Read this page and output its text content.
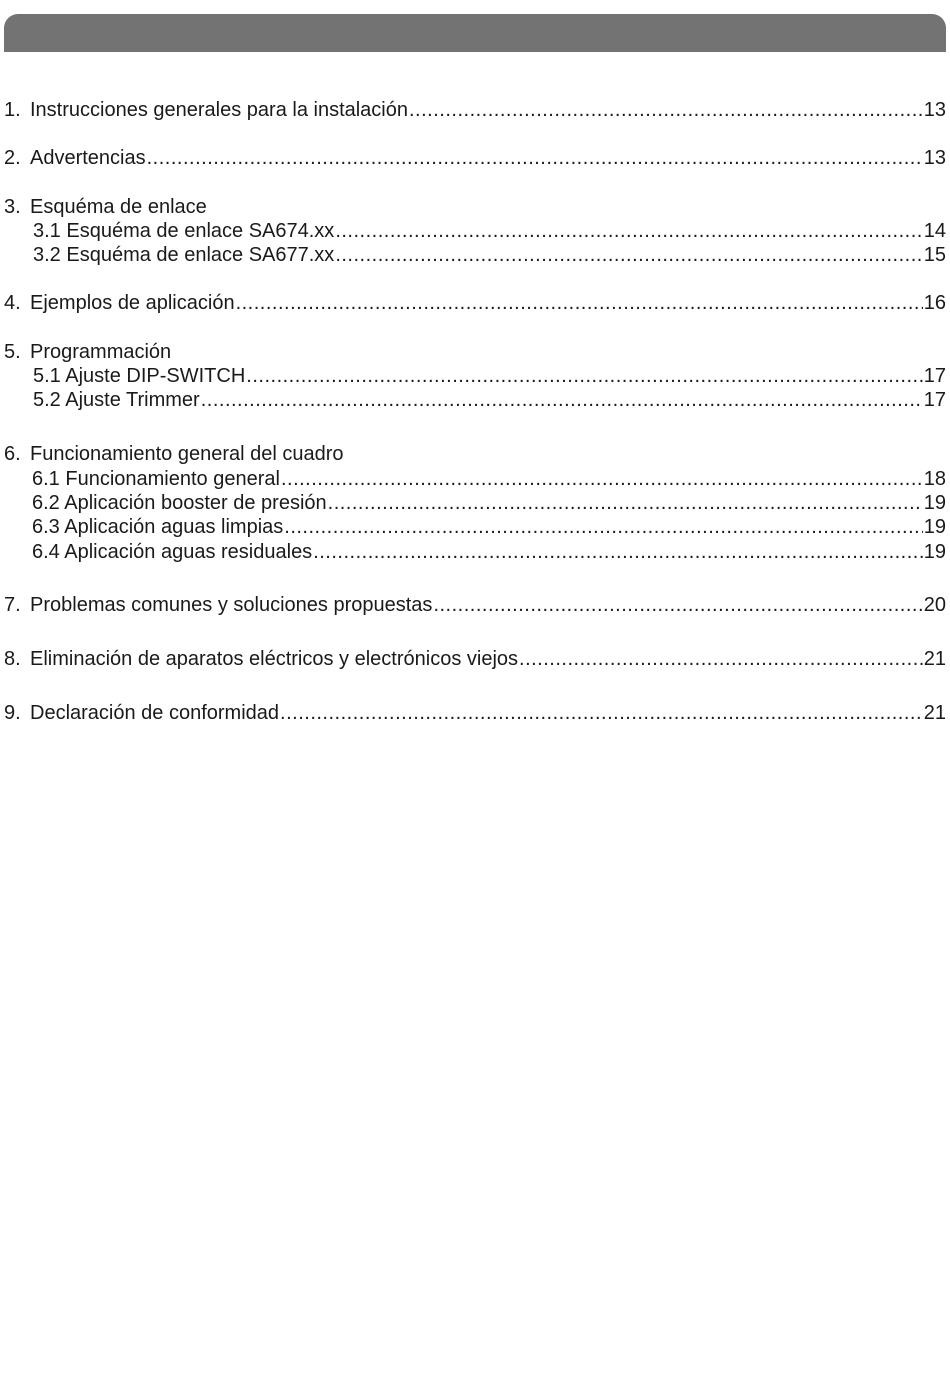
1. Instrucciones generales para la instalación .....	13
2. Advertencias .....	13
3. Esquéma de enlace
3.1 Esquéma de enlace SA674.xx .....	14
3.2 Esquéma de enlace SA677.xx .....	15
4. Ejemplos de aplicación .....	16
5. Programmación
5.1 Ajuste DIP-SWITCH .....	17
5.2 Ajuste Trimmer .....	17
6. Funcionamiento general del cuadro
6.1 Funcionamiento general .....	18
6.2 Aplicación booster de presión .....	19
6.3 Aplicación aguas limpias .....	19
6.4 Aplicación aguas residuales .....	19
7. Problemas comunes y soluciones propuestas .....	20
8. Eliminación de aparatos eléctricos y electrónicos viejos .....	21
9. Declaración de conformidad .....	21
